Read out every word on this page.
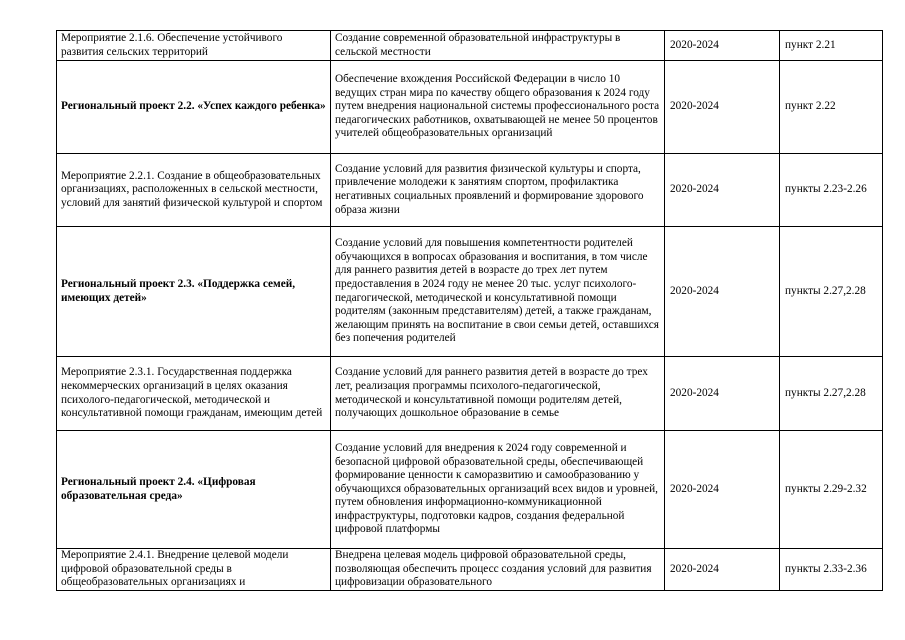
Мероприятие 2.1.6. Обеспечение устойчивого развития сельских территорий	Создание современной образовательной инфраструктуры в сельской местности	2020-2024	пункт 2.21

Региональный проект 2.2. «Успех каждого ребенка»	Обеспечение вхождения Российской Федерации в число 10 ведущих стран мира по качеству общего образования к 2024 году путем внедрения национальной системы профессионального роста педагогических работников, охватывающей не менее 50 процентов учителей общеобразовательных организаций	2020-2024	пункт 2.22

Мероприятие 2.2.1. Создание в общеобразовательных организациях, расположенных в сельской местности, условий для занятий физической культурой и спортом	Создание условий для развития физической культуры и спорта, привлечение молодежи к занятиям спортом, профилактика негативных социальных проявлений и формирование здорового образа жизни	2020-2024	пункты 2.23-2.26

Региональный проект 2.3. «Поддержка семей, имеющих детей»	Создание условий для повышения компетентности родителей обучающихся в вопросах образования и воспитания, в том числе для раннего развития детей в возрасте до трех лет путем предоставления в 2024 году не менее 20 тыс. услуг психолого-педагогической, методической и консультативной помощи родителям (законным представителям) детей, а также гражданам, желающим принять на воспитание в свои семьи детей, оставшихся без попечения родителей	2020-2024	пункты 2.27,2.28

Мероприятие 2.3.1. Государственная поддержка некоммерческих организаций в целях оказания психолого-педагогической, методической и консультативной помощи гражданам, имеющим детей	Создание условий для раннего развития детей в возрасте до трех лет, реализация программы психолого-педагогической, методической и консультативной помощи родителям детей, получающих дошкольное образование в семье	2020-2024	пункты 2.27,2.28

Региональный проект 2.4. «Цифровая образовательная среда»	Создание условий для внедрения к 2024 году современной и безопасной цифровой образовательной среды, обеспечивающей формирование ценности к саморазвитию и самообразованию у обучающихся образовательных организаций всех видов и уровней, путем обновления информационно-коммуникационной инфраструктуры, подготовки кадров, создания федеральной цифровой платформы	2020-2024	пункты 2.29-2.32

Мероприятие 2.4.1. Внедрение целевой модели цифровой образовательной среды в общеобразовательных организациях и	Внедрена целевая модель цифровой образовательной среды, позволяющая обеспечить процесс создания условий для развития цифровизации образовательного	2020-2024	пункты 2.33-2.36
